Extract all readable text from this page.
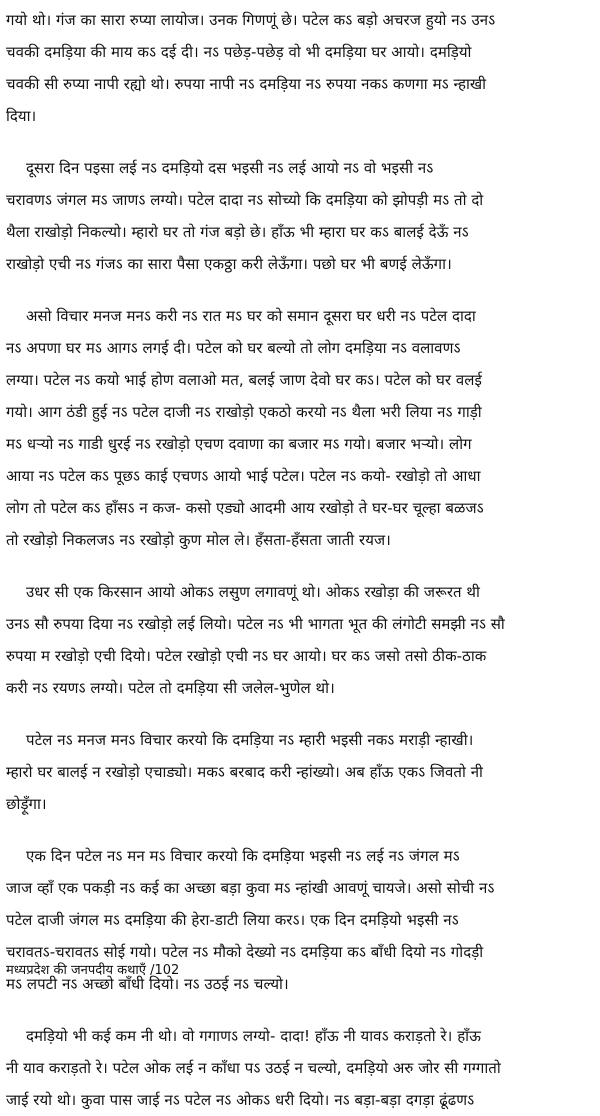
गयो थो। गंज का सारा रुप्या लायोज। उनक गिणणूं छे। पटेल कऽ बड़ो अचरज हुयो नऽ उनऽ
चवकी दमड़िया की माय कऽ दई दी। नऽ पछेड़-पछेड़ वो भी दमड़िया घर आयो। दमड़ियो
चवकी सी रुप्या नापी रह्यो थो। रुपया नापी नऽ दमड़िया नऽ रुपया नकऽ कणगा मऽ न्हाखी
दिया।
दूसरा दिन पइसा लई नऽ दमड़ियो दस भइसी नऽ लई आयो नऽ वो भइसी नऽ
चरावणऽ जंगल मऽ जाणऽ लग्यो। पटेल दादा नऽ सोच्यो कि दमड़िया को झोपड़ी मऽ तो दो
थैला राखोड़ो निकल्यो। म्हारो घर तो गंज बड़ो छे। हाँऊ भी म्हारा घर कऽ बालई देऊँ नऽ
राखोड़ो एची नऽ गंजऽ का सारा पैसा एकठ्ठा करी लेऊँगा। पछो घर भी बणई लेऊँगा।
असो विचार मनज मनऽ करी नऽ रात मऽ घर को समान दूसरा घर धरी नऽ पटेल दादा
नऽ अपणा घर मऽ आगऽ लगई दी। पटेल को घर बल्यो तो लोग दमड़िया नऽ वलावणऽ
लग्या। पटेल नऽ कयो भाई होण वलाओ मत, बलई जाण देवो घर कऽ। पटेल को घर वलई
गयो। आग ठंडी हुई नऽ पटेल दाजी नऽ राखोड़ो एकठो करयो नऽ थैला भरी लिया नऽ गाड़ी
मऽ धर्‍यो नऽ गाडी धुरई नऽ रखोड़ो एचण दवाणा का बजार मऽ गयो। बजार भर्‍यो। लोग
आया नऽ पटेल कऽ पूछऽ काई एचणऽ आयो भाई पटेल। पटेल नऽ कयो- रखोड़ो तो आधा
लोग तो पटेल कऽ हाँसऽ न कज- कसो एड्यो आदमी आय रखोड़ो ते घर-घर चूल्हा बळजऽ
तो रखोड़ो निकलजऽ नऽ रखोड़ो कुण मोल ले। हँसता-हँसता जाती रयज।
उधर सी एक किरसान आयो ओकऽ लसुण लगावणूं थो। ओकऽ रखोड़ा की जरूरत थी
उनऽ सौ रुपया दिया नऽ रखोड़ो लई लियो। पटेल नऽ भी भागता भूत की लंगोटी समझी नऽ सौ
रुपया म रखोड़ो एची दियो। पटेल रखोड़ो एची नऽ घर आयो। घर कऽ जसो तसो ठीक-ठाक
करी नऽ रयणऽ लग्यो। पटेल तो दमड़िया सी जलेल-भुणेल थो।
पटेल नऽ मनज मनऽ विचार करयो कि दमड़िया नऽ म्हारी भइसी नकऽ मराड़ी न्हाखी।
म्हारो घर बालई न रखोड़ो एचाड्यो। मकऽ बरबाद करी न्हांख्यो। अब हाँऊ एकऽ जिवतो नी
छोड़ूँगा।
एक दिन पटेल नऽ मन मऽ विचार करयो कि दमड़िया भइसी नऽ लई नऽ जंगल मऽ
जाज व्हाँ एक पकड़ी नऽ कई का अच्छा बड़ा कुवा मऽ न्हांखी आवणूं चायजे। असो सोची नऽ
पटेल दाजी जंगल मऽ दमड़िया की हेरा-डाटी लिया करऽ। एक दिन दमड़ियो भइसी नऽ
चरावतऽ-चरावतऽ सोई गयो। पटेल नऽ मौको देख्यो नऽ दमड़िया कऽ बाँधी दियो नऽ गोदड़ी
मऽ लपटी नऽ अच्छो बाँधी दियो। नऽ उठई नऽ चल्यो।
दमड़ियो भी कई कम नी थो। वो गगाणऽ लग्यो- दादा! हाँऊ नी यावऽ कराड़तो रे। हाँऊ
नी याव कराड़तो रे। पटेल ओक लई न काँधा पऽ उठई न चल्यो, दमड़ियो अरु जोर सी गग्गातो
जाई रयो थो। कुवा पास जाई नऽ पटेल नऽ ओकऽ धरी दियो। नऽ बड़ा-बड़ा दगड़ा ढूंढणऽ
मध्यप्रदेश की जनपदीय कथाएँ /102
